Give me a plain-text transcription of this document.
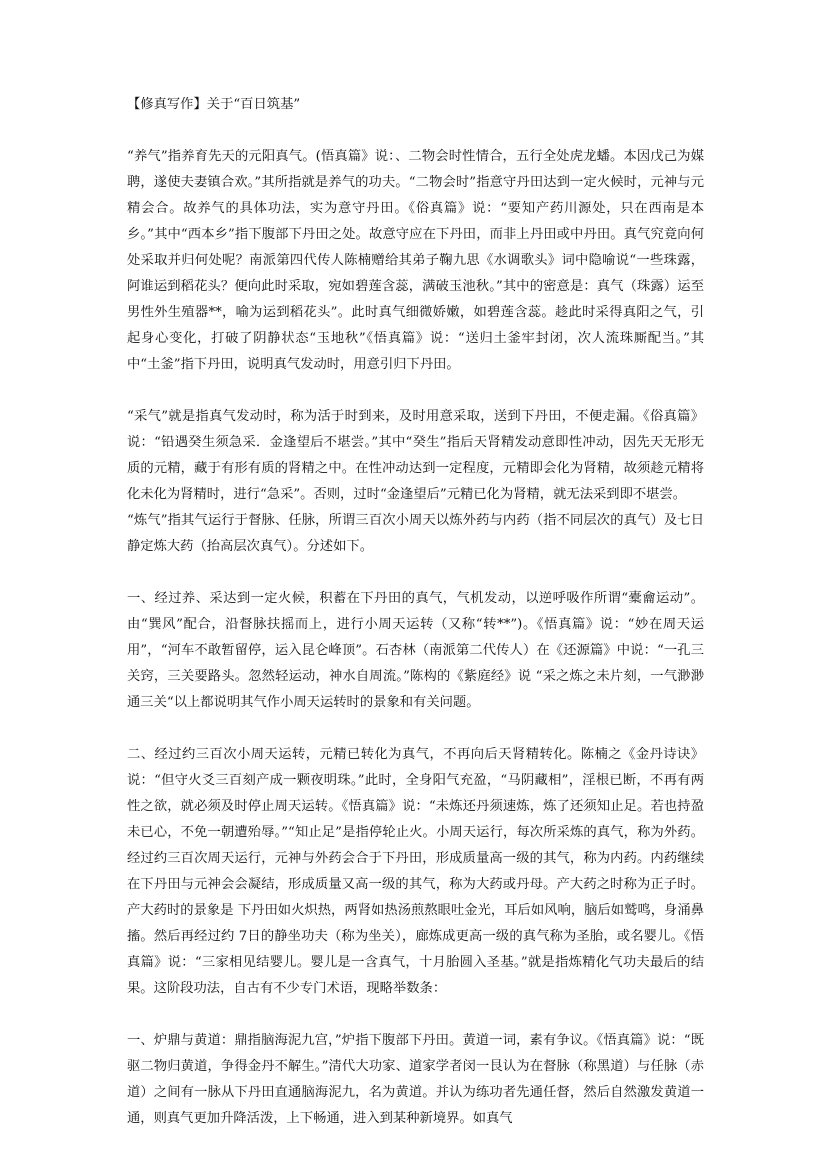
【修真写作】关于“百日筑基”

“养气”指养育先天的元阳真气。(悟真篇》说：、二物会时性情合，五行全处虎龙蟠。本因戊己为媒聘，遂使夫妻镇合欢。”其所指就是养气的功夫。“二物会时”指意守丹田达到一定火候时，元神与元精会合。故养气的具体功法，实为意守丹田。《俗真篇》说：“要知产药川源处，只在西南是本乡。”其中“西本乡”指下腹部下丹田之处。故意守应在下丹田，而非上丹田或中丹田。真气究竟向何处采取并归何处呢？南派第四代传人陈楠赠给其弟子鞠九思《水调歌头》词中隐喻说“一些珠露，阿谁运到稻花头？便向此时采取，宛如碧莲含蕊，满破玉池秋。”其中的密意是：真气（珠露）运至男性外生殖器**，喻为运到稻花头”。此时真气细微娇嫩，如碧莲含蕊。趁此时采得真阳之气，引起身心变化，打破了阴静状态“玉地秋”《悟真篇》说：“送归土釜牢封闭，次人流珠厮配当。”其中“土釜”指下丹田，说明真气发动时，用意引归下丹田。

“采气”就是指真气发动时，称为活于时到来，及时用意采取，送到下丹田，不便走漏。《俗真篇》说：“铅遇癸生须急采．金逢望后不堪尝。”其中“癸生”指后天肾精发动意即性冲动，因先天无形无质的元精，藏于有形有质的肾精之中。在性冲动达到一定程度，元精即会化为肾精，故须趁元精将化未化为肾精时，进行“急采”。否则，过时“金逢望后”元精已化为肾精，就无法采到即不堪尝。

“炼气”指其气运行于督脉、任脉，所谓三百次小周天以炼外药与内药（指不同层次的真气）及七日静定炼大药（抬高层次真气）。分述如下。

一、经过养、采达到一定火候，积蓄在下丹田的真气，气机发动，以逆呼吸作所谓“橐龠运动”。由“巽风”配合，沿督脉扶摇而上，进行小周天运转（又称“转**”)。《悟真篇》说：“妙在周天运用”，“河车不敢暂留停，运入昆仑峰顶”。石杏林（南派第二代传人）在《还源篇》中说：“一孔三关窍，三关要路头。忽然轻运动，神水自周流。”陈构的《紫庭经》说 “采之炼之未片刻，一气渺渺通三关“以上都说明其气作小周天运转时的景象和有关问题。

二、经过约三百次小周天运转，元精已转化为真气，不再向后天肾精转化。陈楠之《金丹诗诀》说：“但守火爻三百刻产成一颗夜明珠。”此时，全身阳气充盈，“马阴藏相”，淫根已断，不再有两性之欲，就必须及时停止周天运转。《悟真篇》说：“未炼还丹须速炼，炼了还须知止足。若也持盈未已心，不免一朝遭殆辱。”“知止足”是指停轮止火。小周天运行，每次所采炼的真气，称为外药。经过约三百次周天运行，元神与外药会合于下丹田，形成质量高一级的其气，称为内药。内药继续在下丹田与元神会会凝结，形成质量又高一级的其气，称为大药或丹母。产大药之时称为正子时。产大药时的景象是 下丹田如火炽热，两肾如热汤煎熬眼吐金光，耳后如风响，脑后如鹫鸣，身涌鼻搐。然后再经过约 7日的静坐功夫（称为坐关），廊炼成更高一级的真气称为圣胎，或名婴儿。《悟真篇》说：“三家相见结婴儿。婴儿是一含真气，十月胎圆入圣基。”就是指炼精化气功夫最后的结果。这阶段功法，自古有不少专门术语，现略举数条：

一、炉鼎与黄道：鼎指脑海泥九宫，”炉指下腹部下丹田。黄道一词，素有争议。《悟真篇》说：“既驱二物归黄道，争得金丹不解生。”清代大功家、道家学者闵一艮认为在督脉（称黑道）与任脉（赤道）之间有一脉从下丹田直通脑海泥九，名为黄道。并认为练功者先通任督，然后自然激发黄道一通，则真气更加升降活泼，上下畅通，进入到某种新境界。如真气
